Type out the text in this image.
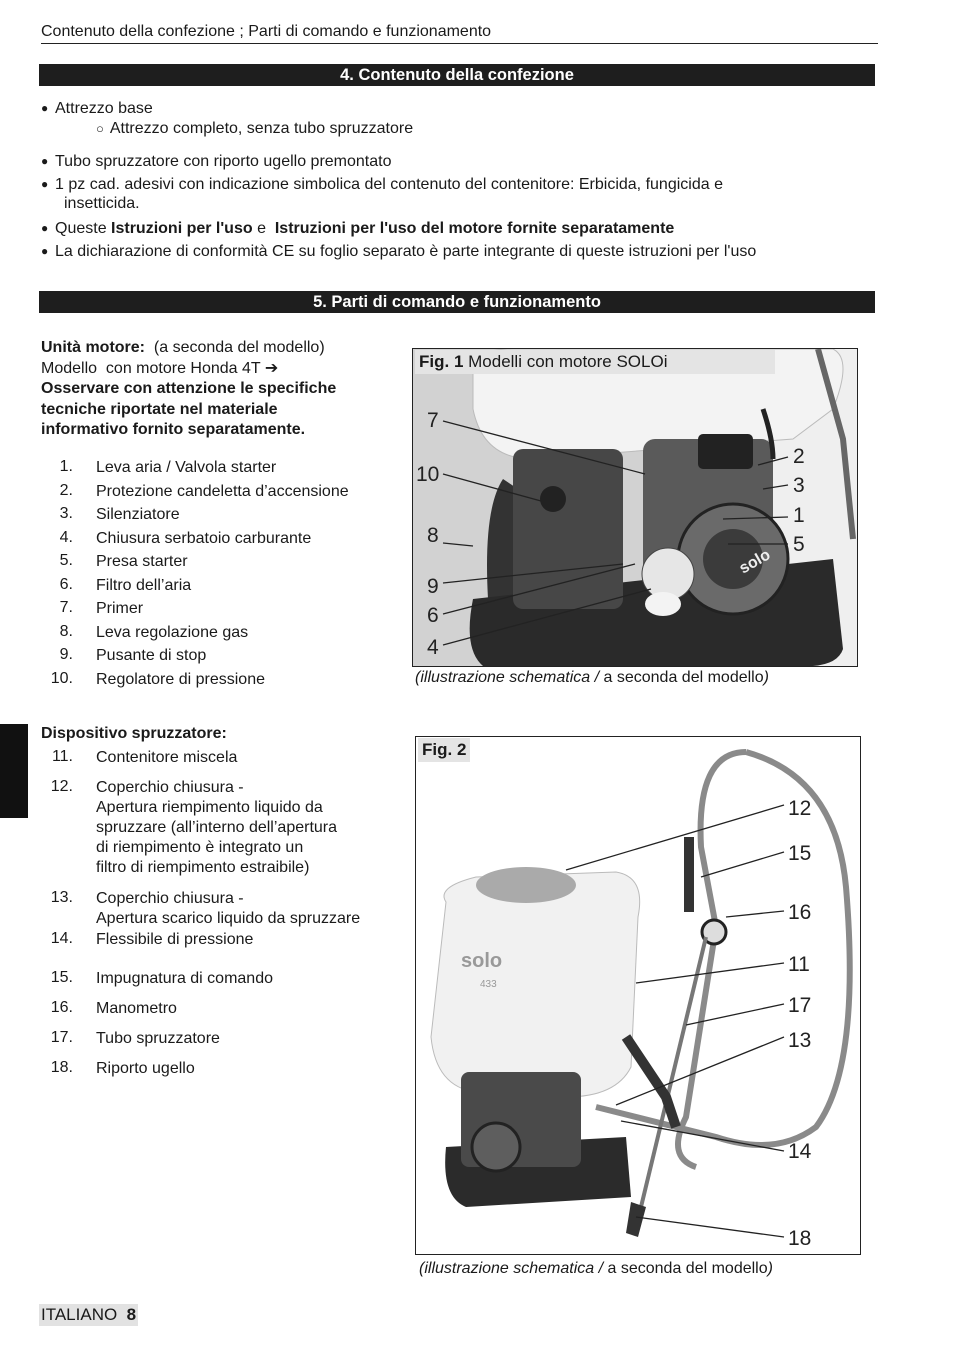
Contenuto della confezione ; Parti di comando e funzionamento
4. Contenuto della confezione
● Attrezzo base
○ Attrezzo completo, senza tubo spruzzatore
● Tubo spruzzatore con riporto ugello premontato
● 1 pz cad. adesivi con indicazione simbolica del contenuto del contenitore: Erbicida, fungicida e
insetticida.
● Queste Istruzioni per l'uso e  Istruzioni per l'uso del motore fornite separatamente
● La dichiarazione di conformità CE su foglio separato è parte integrante di queste istruzioni per l'uso
5. Parti di comando e funzionamento
Unità motore:  (a seconda del modello)
Modello  con motore Honda 4T ➔
Osservare con attenzione le specifiche
tecniche riportate nel materiale
informativo fornito separatamente.
1. Leva aria / Valvola starter
2. Protezione candeletta d’accensione
3. Silenziatore
4. Chiusura serbatoio carburante
5. Presa starter
6. Filtro dell’aria
7. Primer
8. Leva regolazione gas
9. Pusante di stop
10. Regolatore di pressione
Dispositivo spruzzatore:
11. Contenitore miscela
12. Coperchio chiusura -
Apertura riempimento liquido da
spruzzare (all’interno dell’apertura
di riempimento è integrato un
filtro di riempimento estraibile)
13. Coperchio chiusura -
Apertura scarico liquido da spruzzare
14. Flessibile di pressione
15. Impugnatura di comando
16. Manometro
17. Tubo spruzzatore
18. Riporto ugello
solo
Fig. 1 Modelli con motore SOLOi
7
10
8
9
6
4
2
3
1
5
(illustrazione schematica / a seconda del modello)
solo
433
Fig. 2
12
15
16
11
17
13
14
18
(illustrazione schematica / a seconda del modello)
ITALIANO 8
